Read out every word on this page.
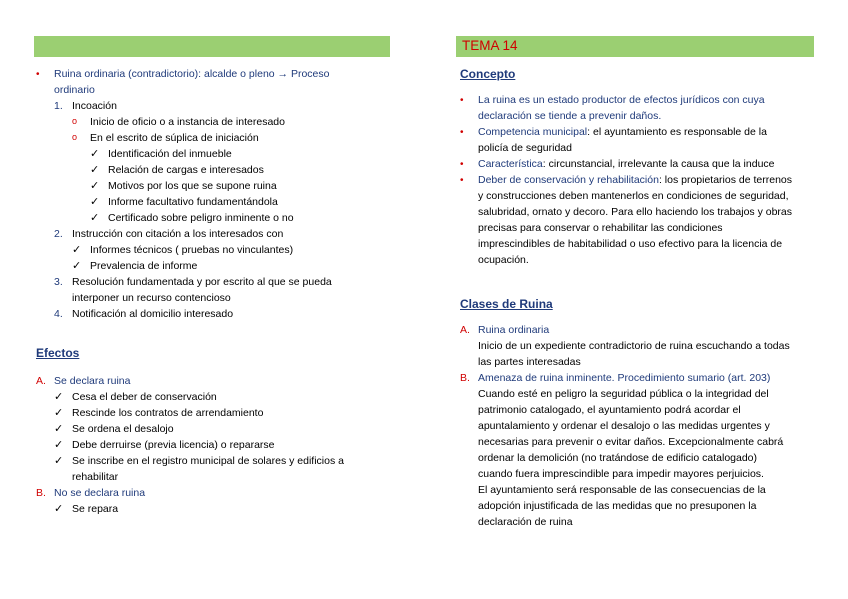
• Ruina ordinaria (contradictorio): alcalde o pleno → Proceso
ordinario
1. Incoación
o Inicio de oficio o a instancia de interesado
o En el escrito de súplica de iniciación
✓ Identificación del inmueble
✓ Relación de cargas e interesados
✓ Motivos por los que se supone ruina
✓ Informe facultativo fundamentándola
✓ Certificado sobre peligro inminente o no
2. Instrucción con citación a los interesados con
✓ Informes técnicos ( pruebas no vinculantes)
✓ Prevalencia de informe
3. Resolución fundamentada y por escrito al que se pueda
interponer un recurso contencioso
4. Notificación al domicilio interesado
Efectos
A. Se declara ruina
✓ Cesa el deber de conservación
✓ Rescinde los contratos de arrendamiento
✓ Se ordena el desalojo
✓ Debe derruirse (previa licencia) o repararse
✓ Se inscribe en el registro municipal de solares y edificios a
rehabilitar
B. No se declara ruina
✓ Se repara
TEMA 14
Concepto
• La ruina es un estado productor de efectos jurídicos con cuya
declaración se tiende a prevenir daños.
• Competencia municipal: el ayuntamiento es responsable de la
policía de seguridad
• Característica: circunstancial, irrelevante la causa que la induce
• Deber de conservación y rehabilitación: los propietarios de terrenos
y construcciones deben mantenerlos en condiciones de seguridad,
salubridad, ornato y decoro. Para ello haciendo los trabajos y obras
precisas para conservar o rehabilitar las condiciones
imprescindibles de habitabilidad o uso efectivo para la licencia de
ocupación.
Clases de Ruina
A. Ruina ordinaria
Inicio de un expediente contradictorio de ruina escuchando a todas
las partes interesadas
B. Amenaza de ruina inminente. Procedimiento sumario (art. 203)
Cuando esté en peligro la seguridad pública o la integridad del
patrimonio catalogado, el ayuntamiento podrá acordar el
apuntalamiento y ordenar el desalojo o las medidas urgentes y
necesarias para prevenir o evitar daños. Excepcionalmente cabrá
ordenar la demolición (no tratándose de edificio catalogado)
cuando fuera imprescindible para impedir mayores perjuicios.
El ayuntamiento será responsable de las consecuencias de la
adopción injustificada de las medidas que no presuponen la
declaración de ruina
